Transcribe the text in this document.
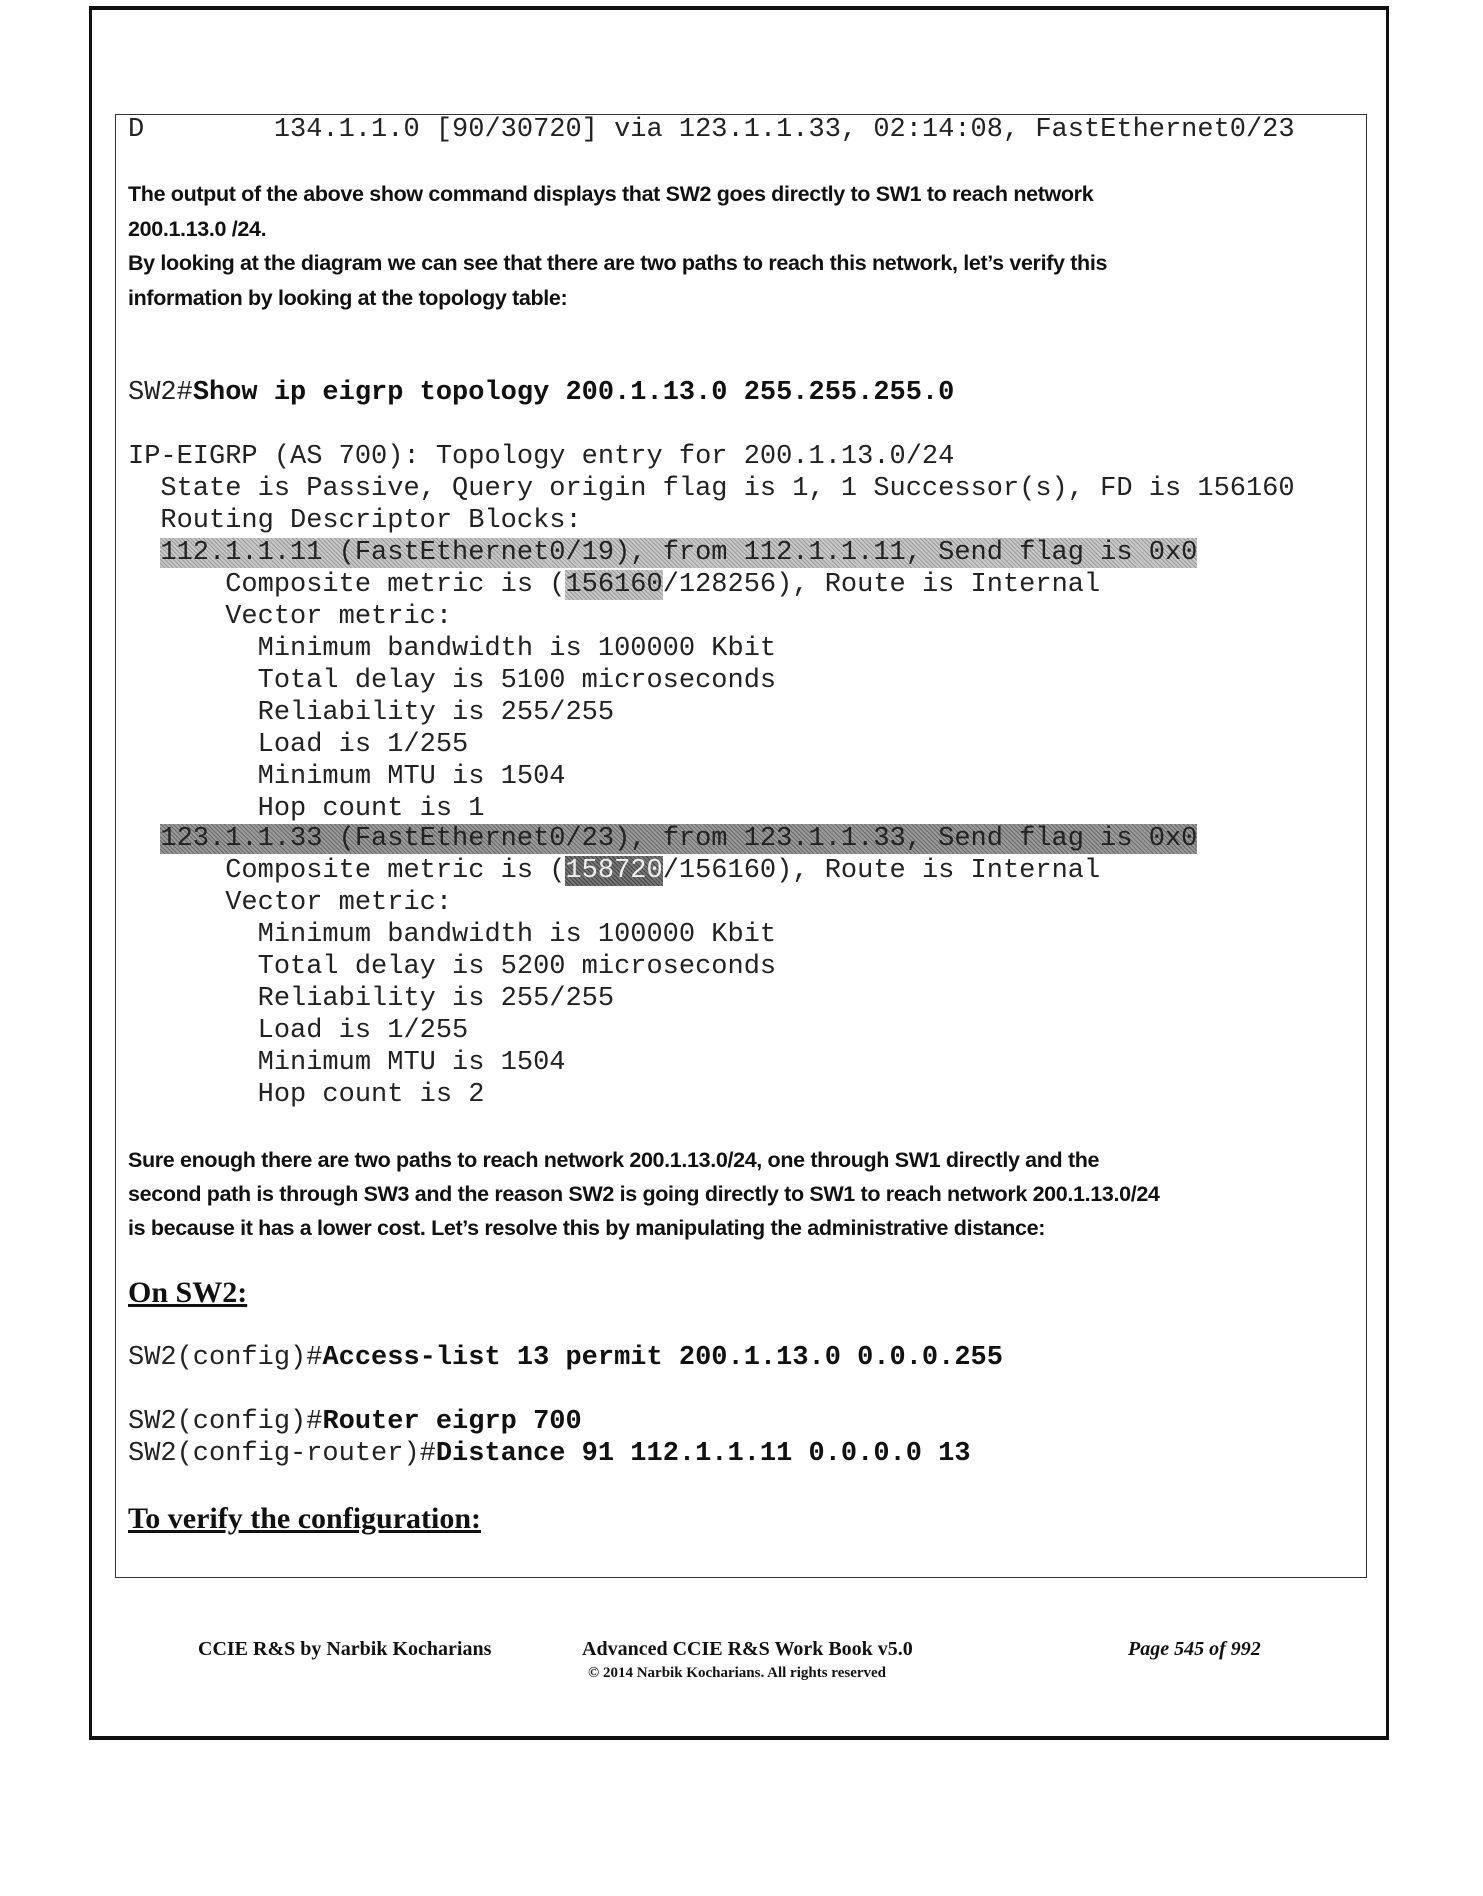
D        134.1.1.0 [90/30720] via 123.1.1.33, 02:14:08, FastEthernet0/23
The output of the above show command displays that SW2 goes directly to SW1 to reach network
200.1.13.0 /24.
By looking at the diagram we can see that there are two paths to reach this network, let’s verify this
information by looking at the topology table:
SW2#Show ip eigrp topology 200.1.13.0 255.255.255.0
IP-EIGRP (AS 700): Topology entry for 200.1.13.0/24
State is Passive, Query origin flag is 1, 1 Successor(s), FD is 156160
Routing Descriptor Blocks:
112.1.1.11 (FastEthernet0/19), from 112.1.1.11, Send flag is 0x0
Composite metric is (156160/128256), Route is Internal
Vector metric:
Minimum bandwidth is 100000 Kbit
Total delay is 5100 microseconds
Reliability is 255/255
Load is 1/255
Minimum MTU is 1504
Hop count is 1
123.1.1.33 (FastEthernet0/23), from 123.1.1.33, Send flag is 0x0
Composite metric is (158720/156160), Route is Internal
Vector metric:
Minimum bandwidth is 100000 Kbit
Total delay is 5200 microseconds
Reliability is 255/255
Load is 1/255
Minimum MTU is 1504
Hop count is 2
Sure enough there are two paths to reach network 200.1.13.0/24, one through SW1 directly and the
second path is through SW3 and the reason SW2 is going directly to SW1 to reach network 200.1.13.0/24
is because it has a lower cost. Let’s resolve this by manipulating the administrative distance:
On SW2:
SW2(config)#Access-list 13 permit 200.1.13.0 0.0.0.255
SW2(config)#Router eigrp 700
SW2(config-router)#Distance 91 112.1.1.11 0.0.0.0 13
To verify the configuration:
CCIE R&S by Narbik Kocharians	Advanced CCIE R&S Work Book v5.0
© 2014 Narbik Kocharians. All rights reserved
Page 545 of 992
